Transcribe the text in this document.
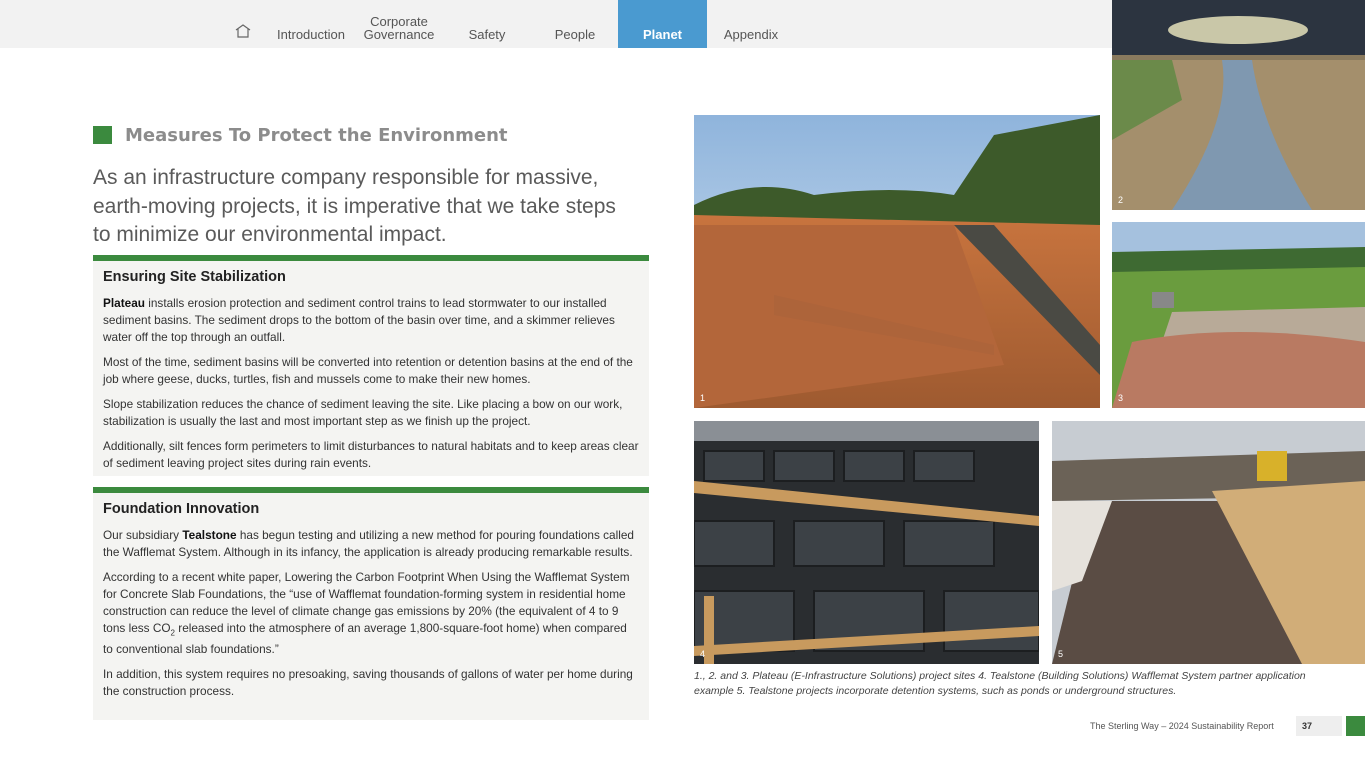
Introduction
Corporate Governance	Safety	People	Planet	Appendix
Measures To Protect the Environment
As an infrastructure company responsible for massive, earth-moving projects, it is imperative that we take steps to minimize our environmental impact.
Ensuring Site Stabilization

Plateau installs erosion protection and sediment control trains to lead stormwater to our installed sediment basins. The sediment drops to the bottom of the basin over time, and a skimmer relieves water off the top through an outfall.

Most of the time, sediment basins will be converted into retention or detention basins at the end of the job where geese, ducks, turtles, fish and mussels come to make their new homes.

Slope stabilization reduces the chance of sediment leaving the site. Like placing a bow on our work, stabilization is usually the last and most important step as we finish up the project.

Additionally, silt fences form perimeters to limit disturbances to natural habitats and to keep areas clear of sediment leaving project sites during rain events.

Foundation Innovation

Our subsidiary Tealstone has begun testing and utilizing a new method for pouring foundations called the Wafflemat System. Although in its infancy, the application is already producing remarkable results.

According to a recent white paper, Lowering the Carbon Footprint When Using the Wafflemat System for Concrete Slab Foundations, the “use of Wafflemat foundation-forming system in residential home construction can reduce the level of climate change gas emissions by 20% (the equivalent of 4 to 9 tons less $CO_2$ released into the atmosphere of an average 1,800-square-foot home) when compared to conventional slab foundations.”

In addition, this system requires no presoaking, saving thousands of gallons of water per home during the construction process.

1
2
3
4	5
1., 2. and 3. Plateau (E-Infrastructure Solutions) project sites 4. Tealstone (Building Solutions) Wafflemat System partner application example 5. Tealstone projects incorporate detention systems, such as ponds or underground structures.
The Sterling Way – 2024 Sustainability Report	37
